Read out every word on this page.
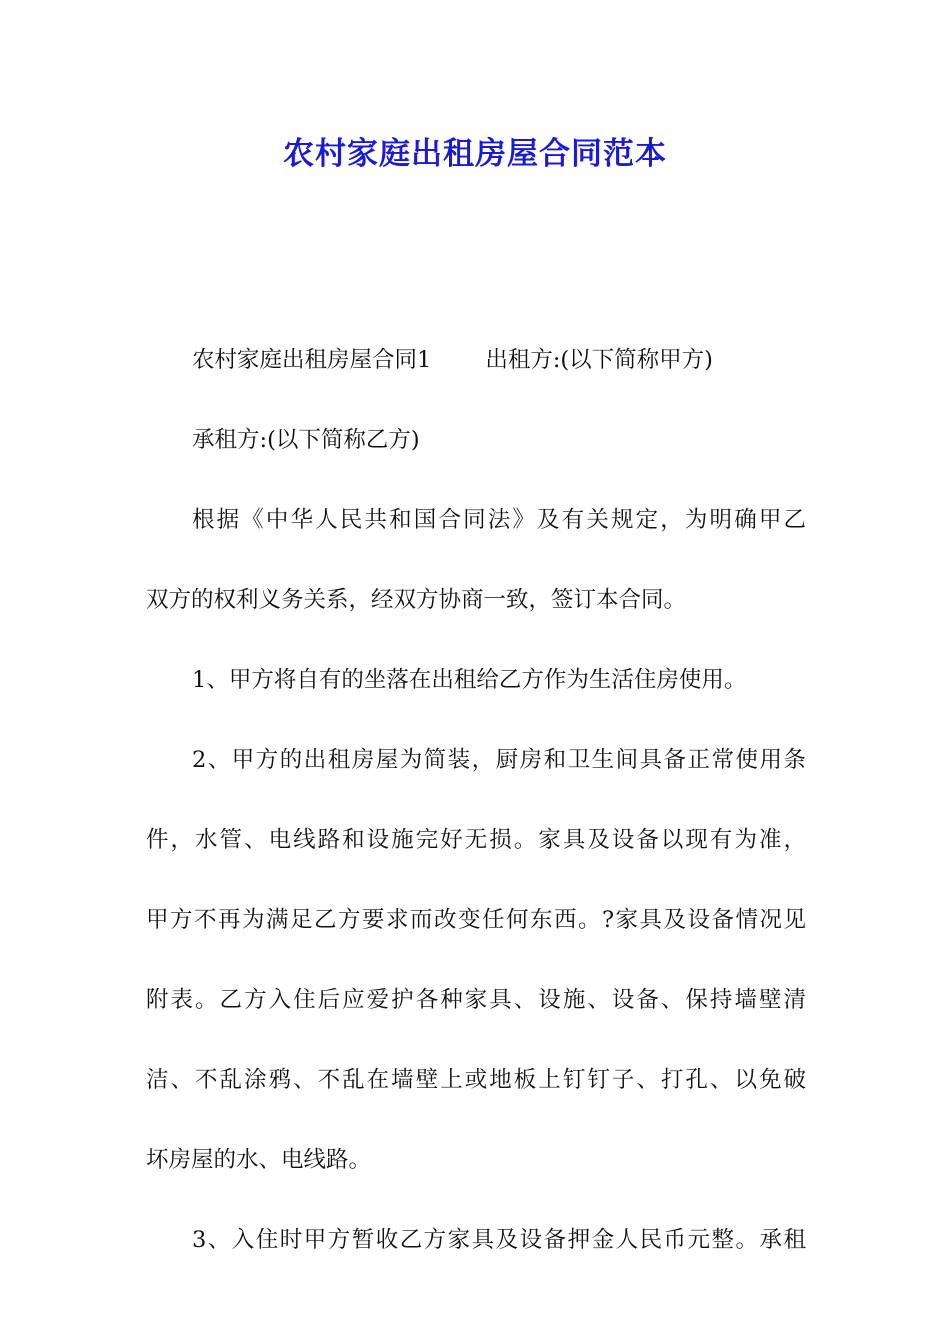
农村家庭出租房屋合同范本

农村家庭出租房屋合同1 出租方:(以下简称甲方)

承租方:(以下简称乙方)

根据《中华人民共和国合同法》及有关规定，为明确甲乙
双方的权利义务关系，经双方协商一致，签订本合同。

1、甲方将自有的坐落在出租给乙方作为生活住房使用。

2、甲方的出租房屋为简装，厨房和卫生间具备正常使用条
件，水管、电线路和设施完好无损。家具及设备以现有为准，
甲方不再为满足乙方要求而改变任何东西。?家具及设备情况见
附表。乙方入住后应爱护各种家具、设施、设备、保持墙壁清
洁、不乱涂鸦、不乱在墙壁上或地板上钉钉子、打孔、以免破
坏房屋的水、电线路。

3、入住时甲方暂收乙方家具及设备押金人民币元整。承租
